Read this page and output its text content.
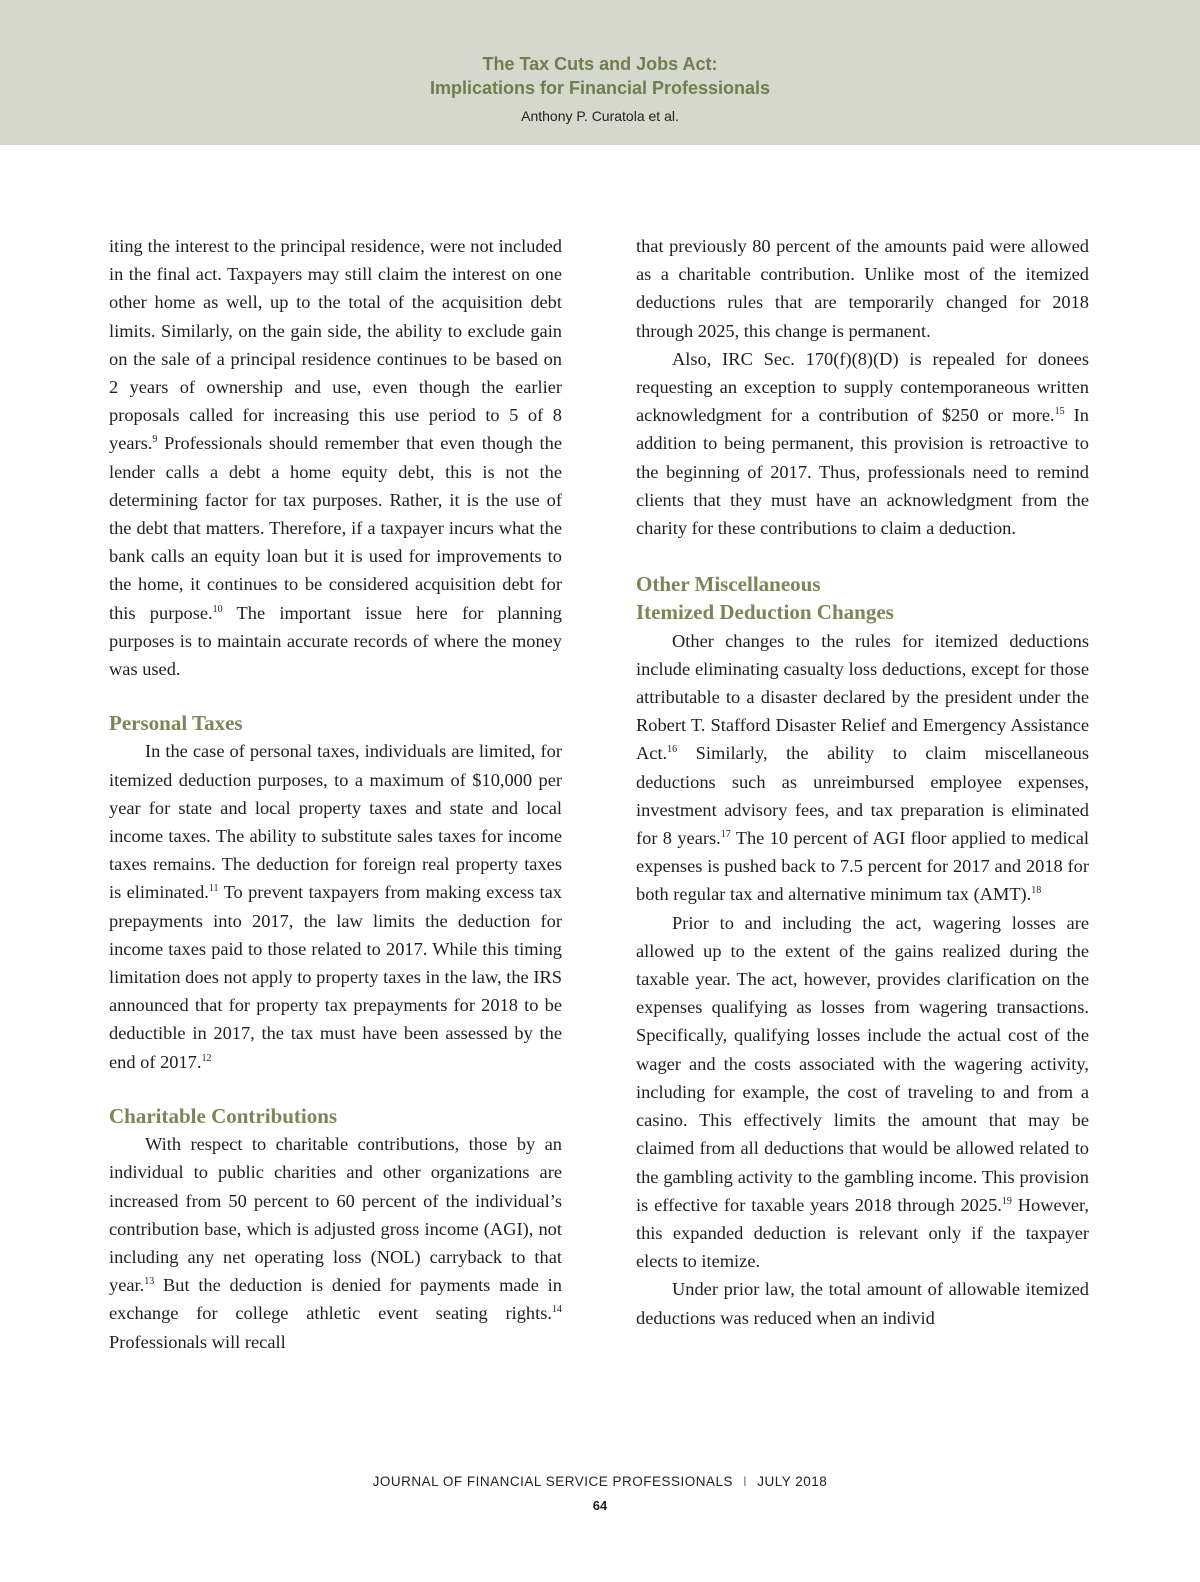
The Tax Cuts and Jobs Act:
Implications for Financial Professionals
Anthony P. Curatola et al.

iting the interest to the principal residence, were not included in the final act. Taxpayers may still claim the interest on one other home as well, up to the total of the acquisition debt limits. Similarly, on the gain side, the ability to exclude gain on the sale of a principal residence continues to be based on 2 years of ownership and use, even though the earlier proposals called for increasing this use period to 5 of 8 years.$^9$ Professionals should remember that even though the lender calls a debt a home equity debt, this is not the determining factor for tax purposes. Rather, it is the use of the debt that matters. Therefore, if a taxpayer incurs what the bank calls an equity loan but it is used for improvements to the home, it continues to be considered acquisition debt for this purpose.$^{10}$ The important issue here for planning purposes is to maintain accurate records of where the money was used.

Personal Taxes

In the case of personal taxes, individuals are limited, for itemized deduction purposes, to a maximum of $10,000 per year for state and local property taxes and state and local income taxes. The ability to substitute sales taxes for income taxes remains. The deduction for foreign real property taxes is eliminated.$^{11}$ To prevent taxpayers from making excess tax prepayments into 2017, the law limits the deduction for income taxes paid to those related to 2017. While this timing limitation does not apply to property taxes in the law, the IRS announced that for property tax prepayments for 2018 to be deductible in 2017, the tax must have been assessed by the end of 2017.12

Charitable Contributions

With respect to charitable contributions, those by an individual to public charities and other organizations are increased from 50 percent to 60 percent of the individual’s contribution base, which is adjusted gross income (AGI), not including any net operating loss (NOL) carryback to that year.$^{13}$ But the deduction is denied for payments made in exchange for college athletic event seating rights.$^{14}$ Professionals will recall

that previously 80 percent of the amounts paid were allowed as a charitable contribution. Unlike most of the itemized deductions rules that are temporarily changed for 2018 through 2025, this change is permanent.

Also, IRC Sec. 170(f)(8)(D) is repealed for donees requesting an exception to supply contemporaneous written acknowledgment for a contribution of $250 or more.$^{15}$ In addition to being permanent, this provision is retroactive to the beginning of 2017. Thus, professionals need to remind clients that they must have an acknowledgment from the charity for these contributions to claim a deduction.

Other Miscellaneous
Itemized Deduction Changes

Other changes to the rules for itemized deductions include eliminating casualty loss deductions, except for those attributable to a disaster declared by the president under the Robert T. Stafford Disaster Relief and Emergency Assistance Act.$^{16}$ Similarly, the ability to claim miscellaneous deductions such as unreimbursed employee expenses, investment advisory fees, and tax preparation is eliminated for 8 years.$^{17}$ The 10 percent of AGI floor applied to medical expenses is pushed back to 7.5 percent for 2017 and 2018 for both regular tax and alternative minimum tax (AMT).$^{18}$

Prior to and including the act, wagering losses are allowed up to the extent of the gains realized during the taxable year. The act, however, provides clarification on the expenses qualifying as losses from wagering transactions. Specifically, qualifying losses include the actual cost of the wager and the costs associated with the wagering activity, including for example, the cost of traveling to and from a casino. This effectively limits the amount that may be claimed from all deductions that would be allowed related to the gambling activity to the gambling income. This provision is effective for taxable years 2018 through 2025.19 However, this expanded deduction is relevant only if the taxpayer elects to itemize.

Under prior law, the total amount of allowable itemized deductions was reduced when an individ

JOURNAL OF FINANCIAL SERVICE PROFESSIONALS I JULY 2018
64
